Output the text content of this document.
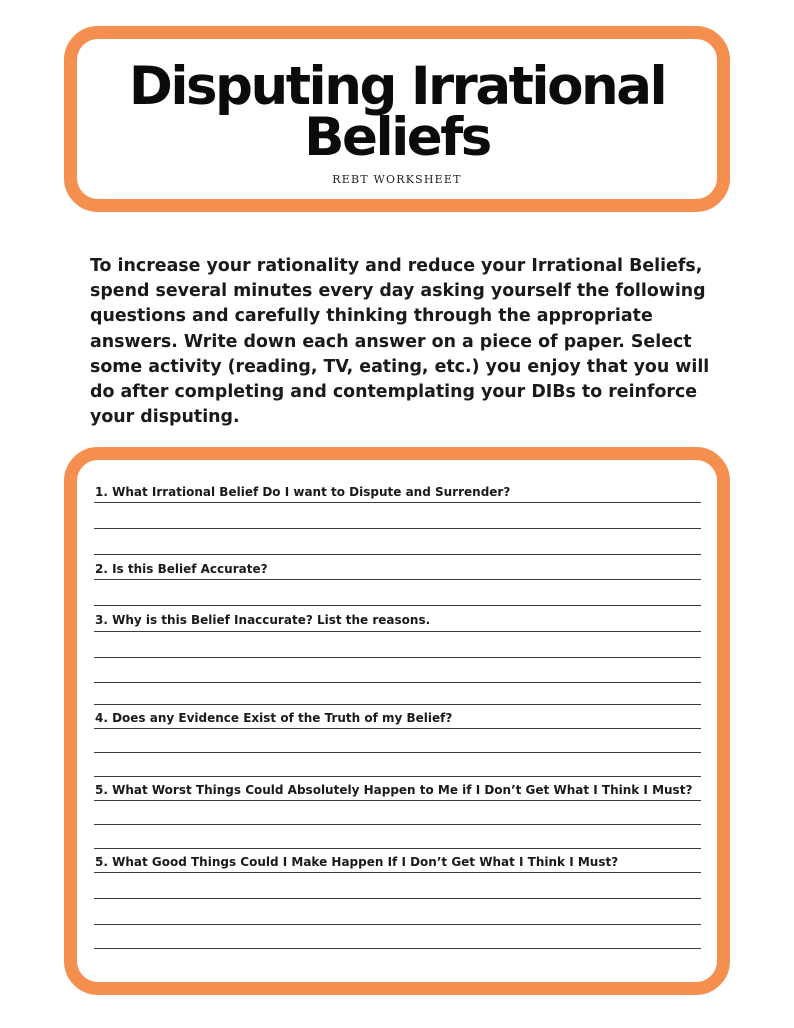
Disputing Irrational Beliefs
REBT WORKSHEET

To increase your rationality and reduce your Irrational Beliefs, spend several minutes every day asking yourself the following questions and carefully thinking through the appropriate answers. Write down each answer on a piece of paper. Select some activity (reading, TV, eating, etc.) you enjoy that you will do after completing and contemplating your DIBs to reinforce your disputing.

1. What Irrational Belief Do I want to Dispute and Surrender?
2. Is this Belief Accurate?
3. Why is this Belief Inaccurate? List the reasons.
4. Does any Evidence Exist of the Truth of my Belief?
5. What Worst Things Could Absolutely Happen to Me if I Don’t Get What I Think I Must?
5. What Good Things Could I Make Happen If I Don’t Get What I Think I Must?
